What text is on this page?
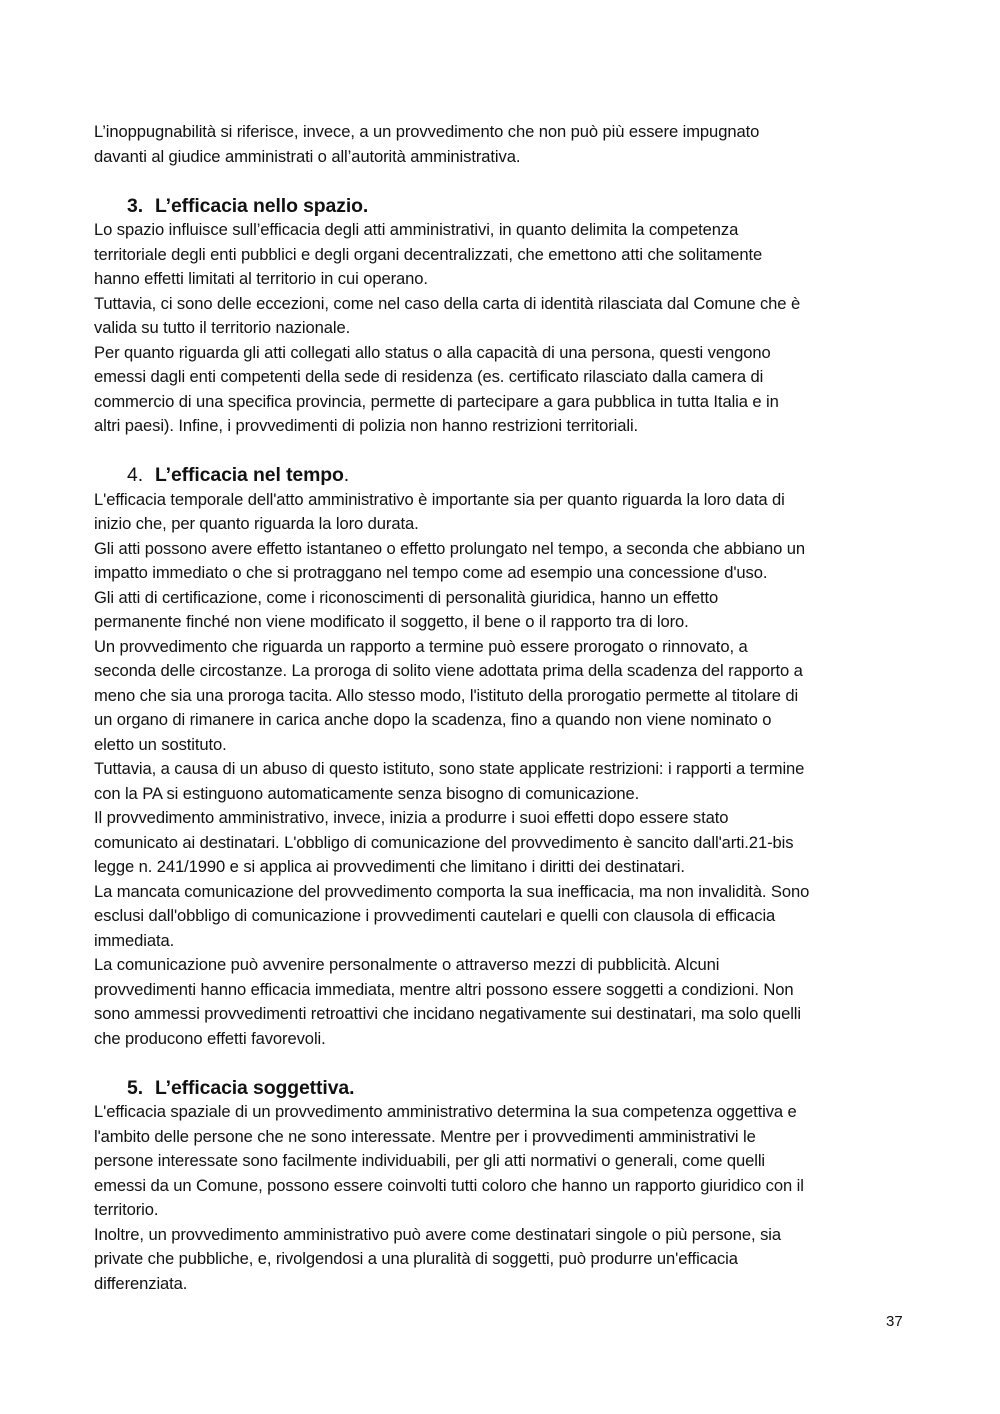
L’inoppugnabilità si riferisce, invece, a un provvedimento che non può più essere impugnato
davanti al giudice amministrati o all’autorità amministrativa.

3. L’efficacia nello spazio.

Lo spazio influisce sull’efficacia degli atti amministrativi, in quanto delimita la competenza
territoriale degli enti pubblici e degli organi decentralizzati, che emettono atti che solitamente
hanno effetti limitati al territorio in cui operano.

Tuttavia, ci sono delle eccezioni, come nel caso della carta di identità rilasciata dal Comune che è
valida su tutto il territorio nazionale.

Per quanto riguarda gli atti collegati allo status o alla capacità di una persona, questi vengono
emessi dagli enti competenti della sede di residenza (es. certificato rilasciato dalla camera di
commercio di una specifica provincia, permette di partecipare a gara pubblica in tutta Italia e in
altri paesi). Infine, i provvedimenti di polizia non hanno restrizioni territoriali.

4. L’efficacia nel tempo.

L'efficacia temporale dell'atto amministrativo è importante sia per quanto riguarda la loro data di
inizio che, per quanto riguarda la loro durata.

Gli atti possono avere effetto istantaneo o effetto prolungato nel tempo, a seconda che abbiano un
impatto immediato o che si protraggano nel tempo come ad esempio una concessione d'uso.

Gli atti di certificazione, come i riconoscimenti di personalità giuridica, hanno un effetto
permanente finché non viene modificato il soggetto, il bene o il rapporto tra di loro.

Un provvedimento che riguarda un rapporto a termine può essere prorogato o rinnovato, a
seconda delle circostanze. La proroga di solito viene adottata prima della scadenza del rapporto a
meno che sia una proroga tacita. Allo stesso modo, l'istituto della prorogatio permette al titolare di
un organo di rimanere in carica anche dopo la scadenza, fino a quando non viene nominato o
eletto un sostituto.

Tuttavia, a causa di un abuso di questo istituto, sono state applicate restrizioni: i rapporti a termine
con la PA si estinguono automaticamente senza bisogno di comunicazione.

Il provvedimento amministrativo, invece, inizia a produrre i suoi effetti dopo essere stato
comunicato ai destinatari. L'obbligo di comunicazione del provvedimento è sancito dall'arti.21-bis
legge n. 241/1990 e si applica ai provvedimenti che limitano i diritti dei destinatari.

La mancata comunicazione del provvedimento comporta la sua inefficacia, ma non invalidità. Sono
esclusi dall'obbligo di comunicazione i provvedimenti cautelari e quelli con clausola di efficacia
immediata.

La comunicazione può avvenire personalmente o attraverso mezzi di pubblicità. Alcuni
provvedimenti hanno efficacia immediata, mentre altri possono essere soggetti a condizioni. Non
sono ammessi provvedimenti retroattivi che incidano negativamente sui destinatari, ma solo quelli
che producono effetti favorevoli.

5. L’efficacia soggettiva.

L'efficacia spaziale di un provvedimento amministrativo determina la sua competenza oggettiva e
l'ambito delle persone che ne sono interessate. Mentre per i provvedimenti amministrativi le
persone interessate sono facilmente individuabili, per gli atti normativi o generali, come quelli
emessi da un Comune, possono essere coinvolti tutti coloro che hanno un rapporto giuridico con il
territorio.

Inoltre, un provvedimento amministrativo può avere come destinatari singole o più persone, sia
private che pubbliche, e, rivolgendosi a una pluralità di soggetti, può produrre un'efficacia
differenziata.

37
